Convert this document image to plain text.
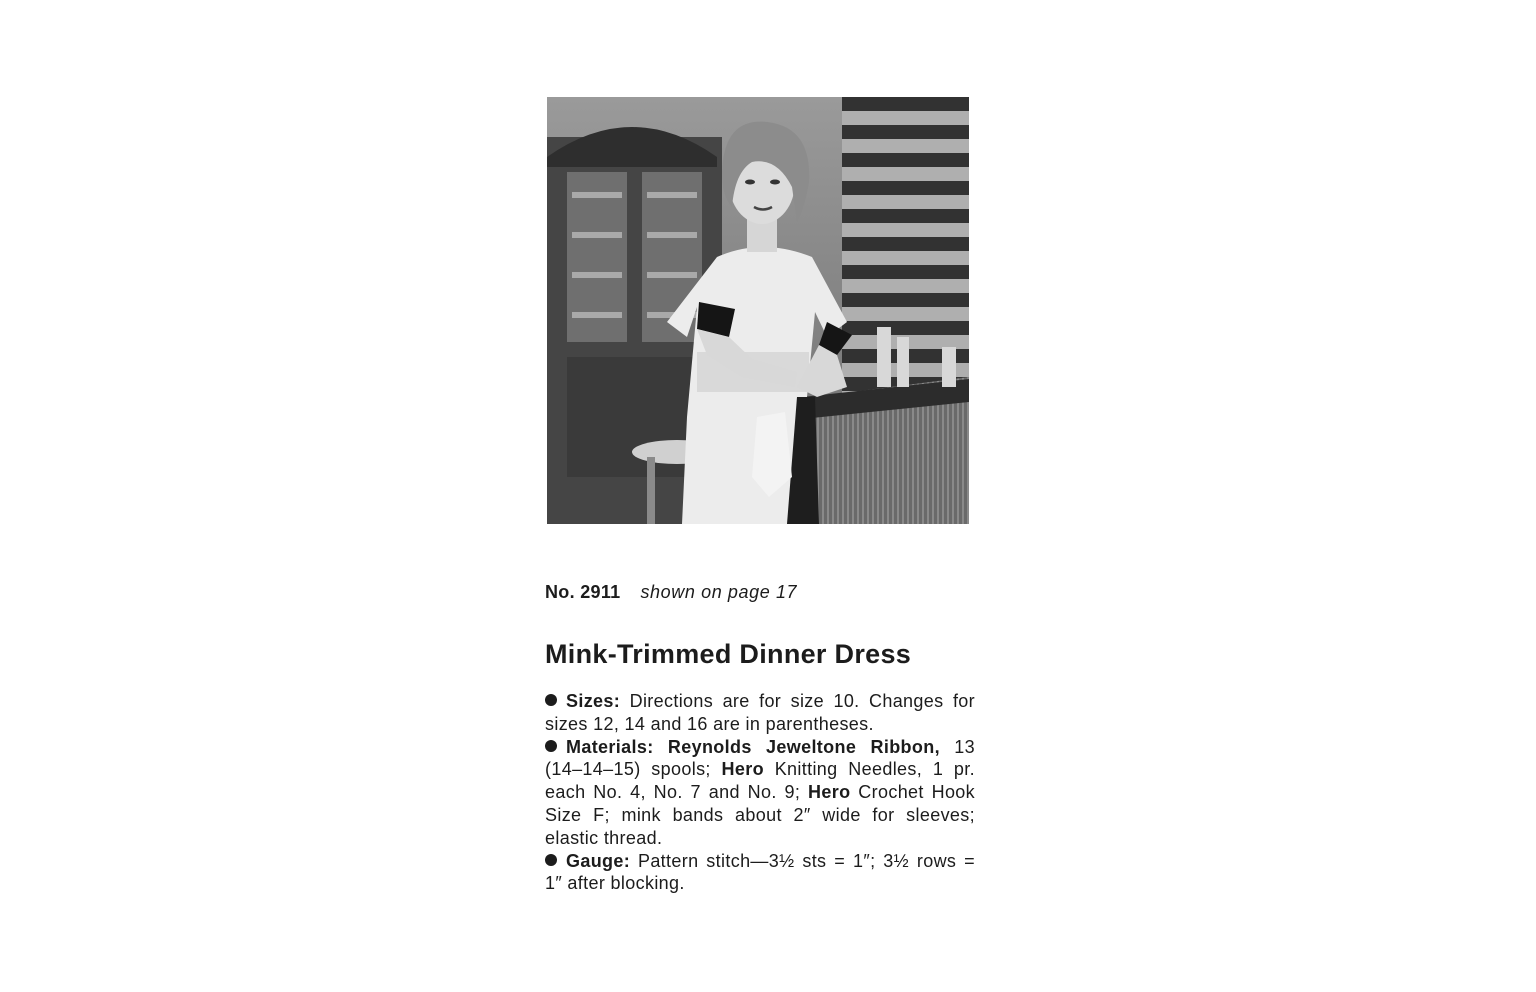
No. 2911 shown on page 17

Mink-Trimmed Dinner Dress

Sizes: Directions are for size 10. Changes for sizes 12, 14 and 16 are in parentheses.

Materials: Reynolds Jeweltone Ribbon, 13 (14–14–15) spools; Hero Knitting Needles, 1 pr. each No. 4, No. 7 and No. 9; Hero Crochet Hook Size F; mink bands about 2″ wide for sleeves; elastic thread.

Gauge: Pattern stitch—3½ sts = 1″; 3½ rows = 1″ after blocking.
